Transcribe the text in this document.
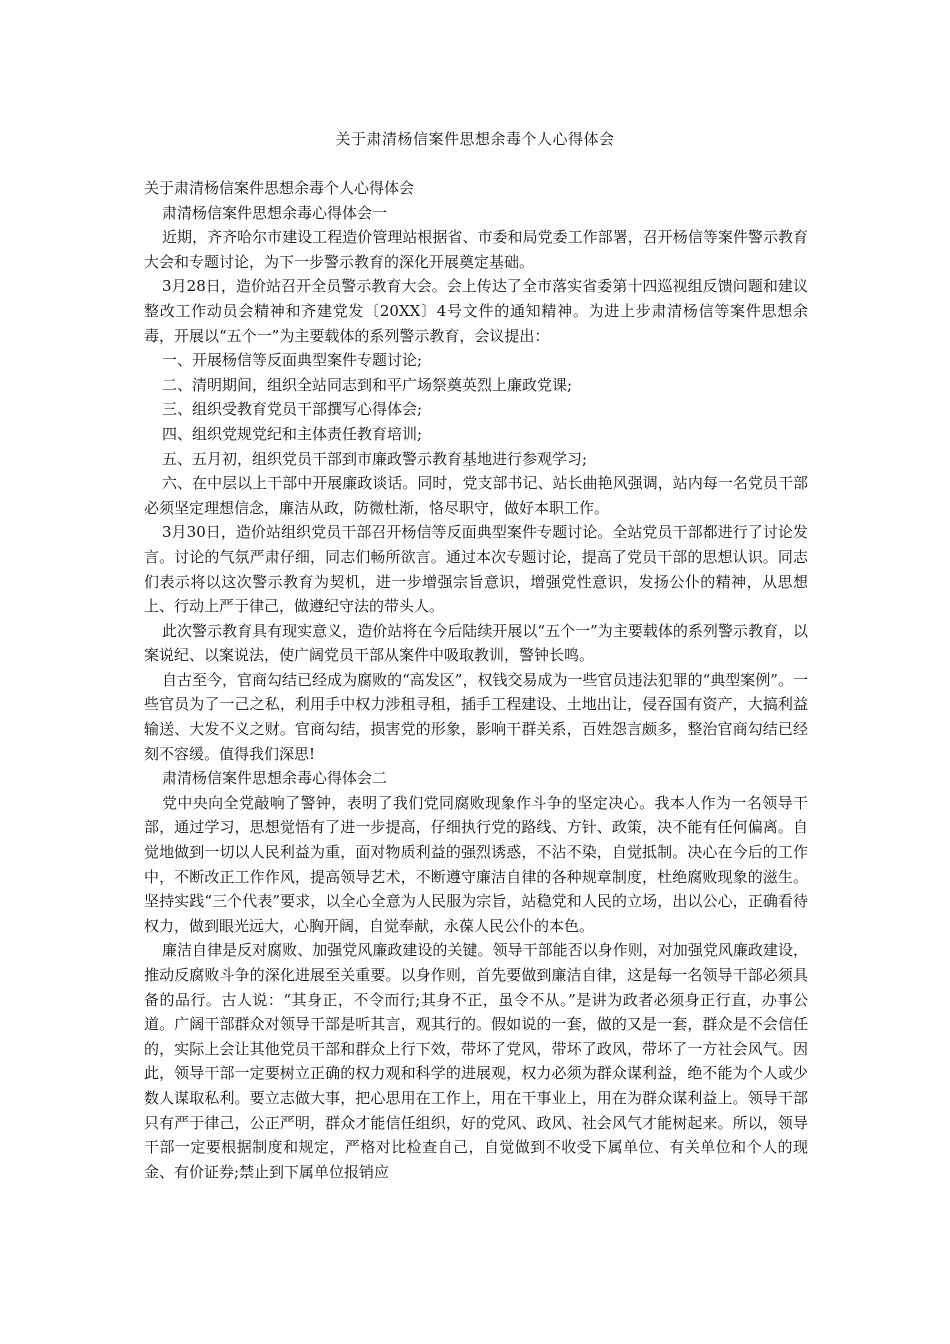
关于肃清杨信案件思想余毒个人心得体会

关于肃清杨信案件思想余毒个人心得体会

肃清杨信案件思想余毒心得体会一

近期，齐齐哈尔市建设工程造价管理站根据省、市委和局党委工作部署，召开杨信等案件警示教育大会和专题讨论，为下一步警示教育的深化开展奠定基础。

3月28日，造价站召开全员警示教育大会。会上传达了全市落实省委第十四巡视组反馈问题和建议整改工作动员会精神和齐建党发〔20XX〕4号文件的通知精神。为进上步肃清杨信等案件思想余毒，开展以“五个一”为主要载体的系列警示教育，会议提出：

一、开展杨信等反面典型案件专题讨论;

二、清明期间，组织全站同志到和平广场祭奠英烈上廉政党课;

三、组织受教育党员干部撰写心得体会;

四、组织党规党纪和主体责任教育培训;

五、五月初，组织党员干部到市廉政警示教育基地进行参观学习;

六、在中层以上干部中开展廉政谈话。同时，党支部书记、站长曲艳风强调，站内每一名党员干部必须坚定理想信念，廉洁从政，防微杜渐，恪尽职守，做好本职工作。

3月30日，造价站组织党员干部召开杨信等反面典型案件专题讨论。全站党员干部都进行了讨论发言。讨论的气氛严肃仔细，同志们畅所欲言。通过本次专题讨论，提高了党员干部的思想认识。同志们表示将以这次警示教育为契机，进一步增强宗旨意识，增强党性意识，发扬公仆的精神，从思想上、行动上严于律己，做遵纪守法的带头人。

此次警示教育具有现实意义，造价站将在今后陆续开展以“五个一”为主要载体的系列警示教育，以案说纪、以案说法，使广阔党员干部从案件中吸取教训，警钟长鸣。

自古至今，官商勾结已经成为腐败的“高发区”，权钱交易成为一些官员违法犯罪的“典型案例”。一些官员为了一己之私，利用手中权力涉租寻租，插手工程建设、土地出让，侵吞国有资产，大搞利益输送、大发不义之财。官商勾结，损害党的形象，影响干群关系，百姓怨言颇多，整治官商勾结已经刻不容缓。值得我们深思!

肃清杨信案件思想余毒心得体会二

党中央向全党敲响了警钟，表明了我们党同腐败现象作斗争的坚定决心。我本人作为一名领导干部，通过学习，思想觉悟有了进一步提高，仔细执行党的路线、方针、政策，决不能有任何偏离。自觉地做到一切以人民利益为重，面对物质利益的强烈诱惑，不沾不染，自觉抵制。决心在今后的工作中，不断改正工作作风，提高领导艺术，不断遵守廉洁自律的各种规章制度，杜绝腐败现象的滋生。坚持实践“三个代表”要求，以全心全意为人民服为宗旨，站稳党和人民的立场，出以公心，正确看待权力，做到眼光远大，心胸开阔，自觉奉献，永葆人民公仆的本色。

廉洁自律是反对腐败、加强党风廉政建设的关键。领导干部能否以身作则，对加强党风廉政建设，推动反腐败斗争的深化进展至关重要。以身作则，首先要做到廉洁自律，这是每一名领导干部必须具备的品行。古人说：“其身正，不令而行;其身不正，虽令不从。”是讲为政者必须身正行直，办事公道。广阔干部群众对领导干部是听其言，观其行的。假如说的一套，做的又是一套，群众是不会信任的，实际上会让其他党员干部和群众上行下效，带坏了党风，带坏了政风，带坏了一方社会风气。因此，领导干部一定要树立正确的权力观和科学的进展观，权力必须为群众谋利益，绝不能为个人或少数人谋取私利。要立志做大事，把心思用在工作上，用在干事业上，用在为群众谋利益上。领导干部只有严于律己，公正严明，群众才能信任组织，好的党风、政风、社会风气才能树起来。所以，领导干部一定要根据制度和规定，严格对比检查自己，自觉做到不收受下属单位、有关单位和个人的现金、有价证券;禁止到下属单位报销应
